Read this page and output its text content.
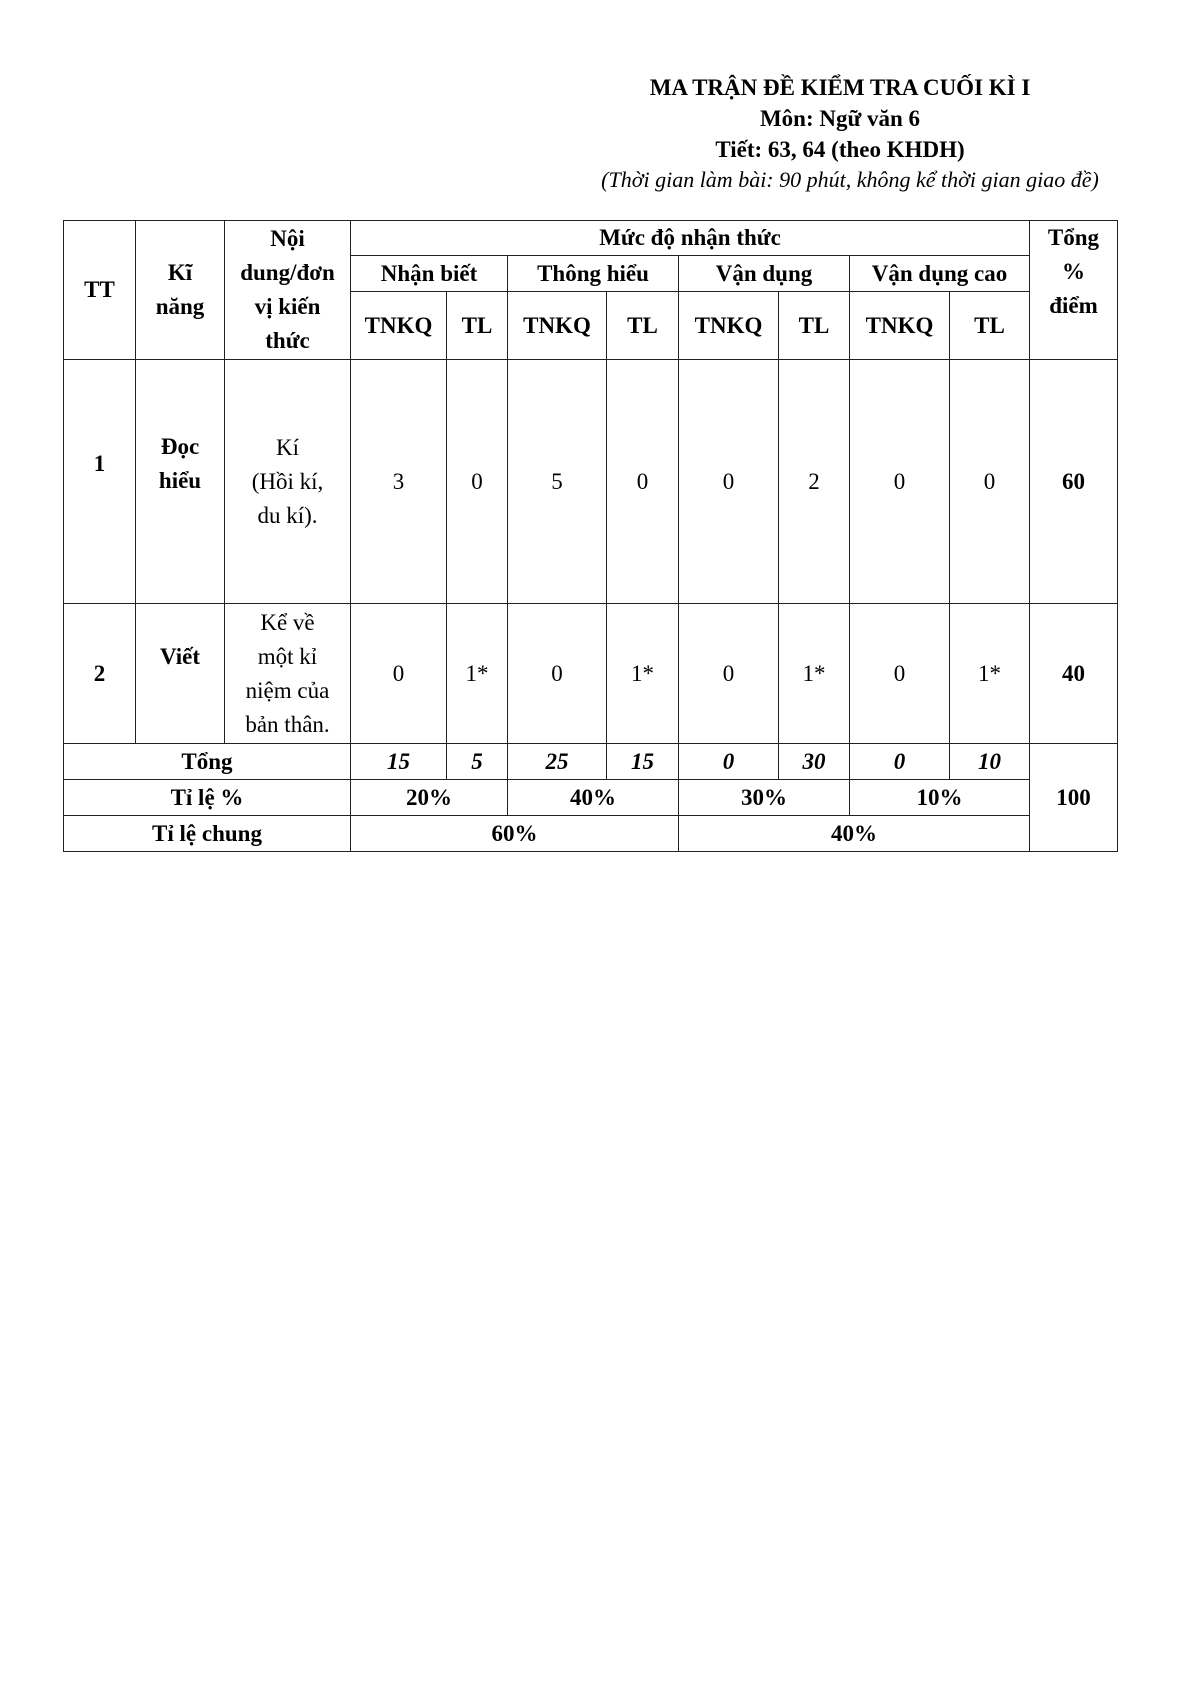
MA TRẬN ĐỀ KIỂM TRA CUỐI KÌ I
Môn: Ngữ văn 6
Tiết: 63, 64 (theo KHDH)
(Thời gian làm bài: 90 phút, không kể thời gian giao đề)
TT	Kĩ năng	Nội
dung/đơn
vị kiến
thức	Mức độ nhận thức								Tổng
%
điểm

			Nhận biết		Thông hiểu		Vận dụng		Vận dụng cao		
			TNKQ	TL	TNKQ	TL	TNKQ	TL	TNKQ	TL	
1	Đọc
hiểu	Kí
(Hồi kí,
du kí).	3	0	5	0	0	2	0	0	60
2	Viết	Kể về
một kỉ
niệm của
bản thân.	0	1*	0	1*	0	1*	0	1*	40
Tổng			15	5	25	15	0	30	0	10	100
Tỉ lệ %			20%		40%		30%		10%		
Tỉ lệ chung			60%				40%				
